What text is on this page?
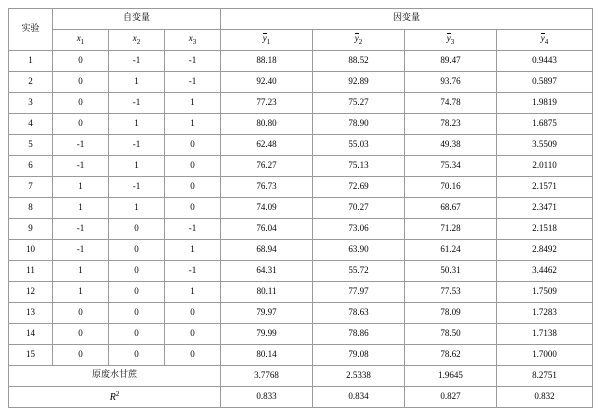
实验	自变量			因变量			
	$x_1$	$x_2$	$x_3$	$y_1$	$y_2$	$y_3$	$y_4$
1	0	-1	-1	88.18	88.52	89.47	0.9443
2	0	1	-1	92.40	92.89	93.76	0.5897
3	0	-1	1	77.23	75.27	74.78	1.9819
4	0	1	1	80.80	78.90	78.23	1.6875
5	-1	-1	0	62.48	55.03	49.38	3.5509
6	-1	1	0	76.27	75.13	75.34	2.0110
7	1	-1	0	76.73	72.69	70.16	2.1571
8	1	1	0	74.09	70.27	68.67	2.3471
9	-1	0	-1	76.04	73.06	71.28	2.1518
10	-1	0	1	68.94	63.90	61.24	2.8492
11	1	0	-1	64.31	55.72	50.31	3.4462
12	1	0	1	80.11	77.97	77.53	1.7509
13	0	0	0	79.97	78.63	78.09	1.7283
14	0	0	0	79.99	78.86	78.50	1.7138
15	0	0	0	80.14	79.08	78.62	1.7000
原废水甘蔗				3.7768	2.5338	1.9645	8.2751
$R^2$				0.833	0.834	0.827	0.832
